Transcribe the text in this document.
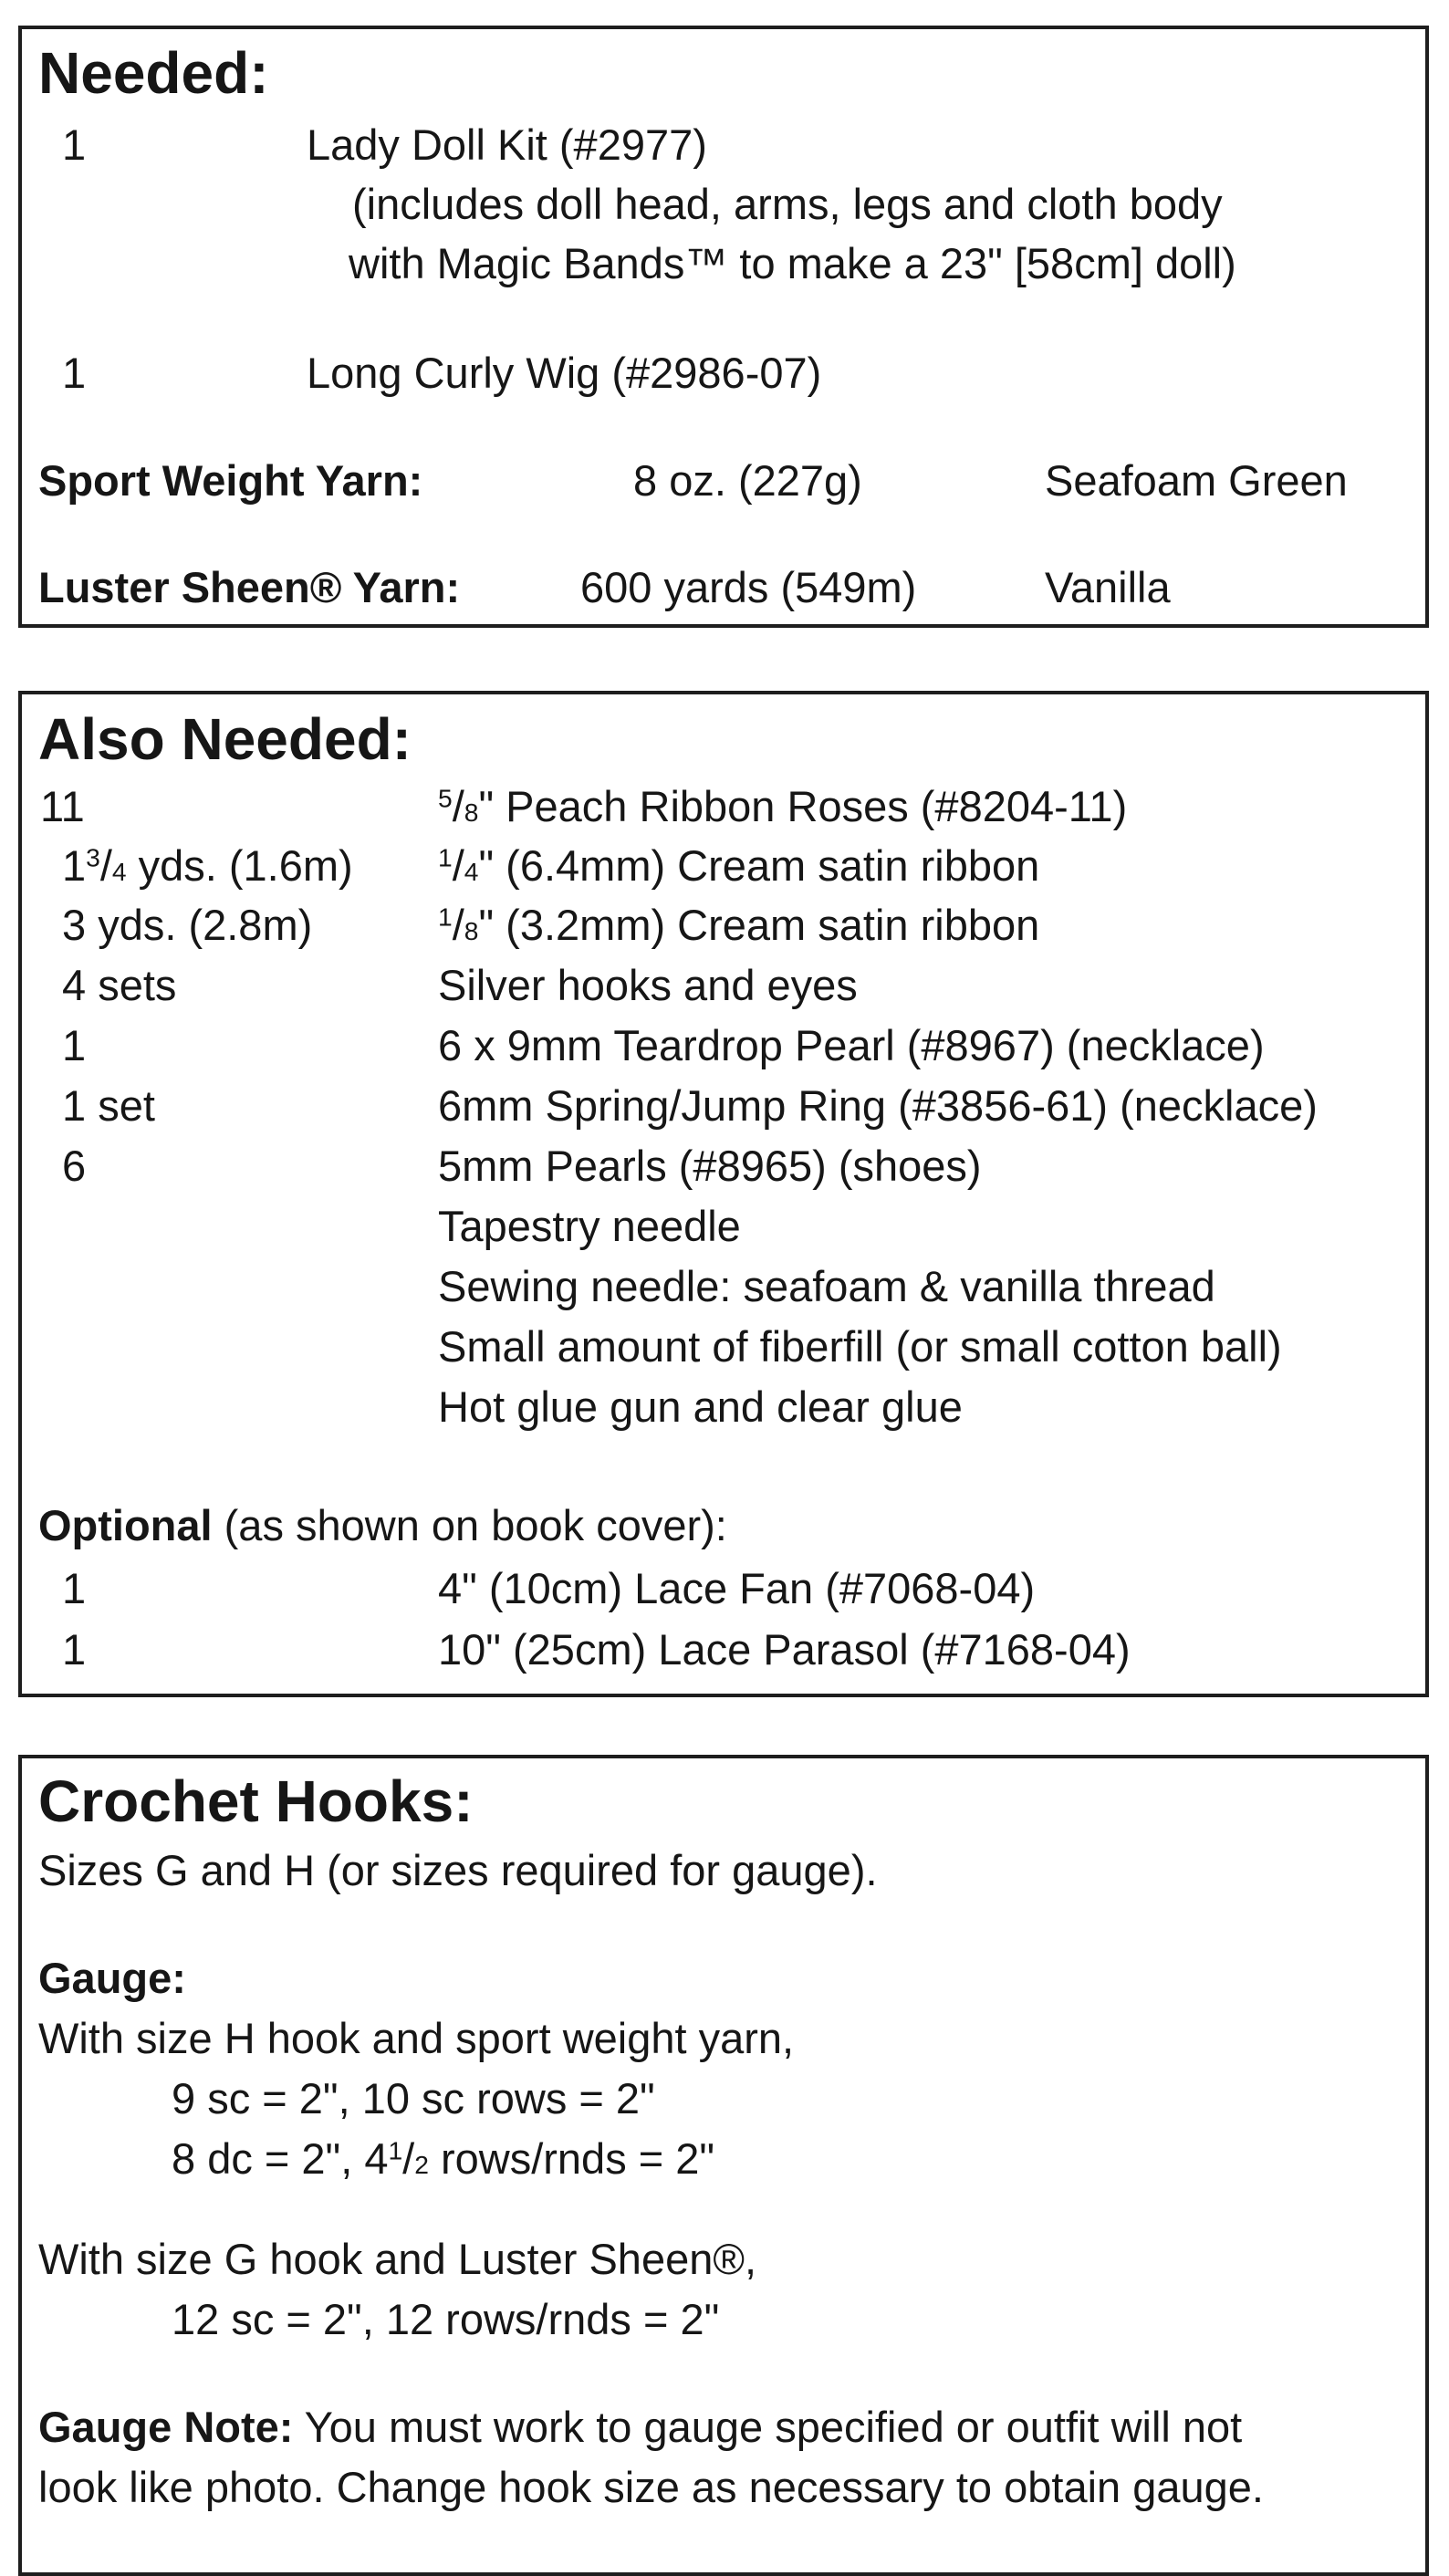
Needed:
1	Lady Doll Kit (#2977)
(includes doll head, arms, legs and cloth body
with Magic Bands™ to make a 23" [58cm] doll)
1	Long Curly Wig (#2986-07)
Sport Weight Yarn:	8 oz. (227g)	Seafoam Green
Luster Sheen® Yarn:	600 yards (549m)	Vanilla
Also Needed:
11	$^5$/8" Peach Ribbon Roses (#8204-11)
$1^3/4$ yds. (1.6m)	$^1$/4" (6.4mm) Cream satin ribbon
3 yds. (2.8m)	$^1$/8" (3.2mm) Cream satin ribbon
4 sets	Silver hooks and eyes
1	6 x 9mm Teardrop Pearl (#8967) (necklace)
1 set	6mm Spring/Jump Ring (#3856-61) (necklace)
6	5mm Pearls (#8965) (shoes)
Tapestry needle
Sewing needle: seafoam & vanilla thread
Small amount of fiberfill (or small cotton ball)
Hot glue gun and clear glue
Optional (as shown on book cover):
1	4" (10cm) Lace Fan (#7068-04)
1	10" (25cm) Lace Parasol (#7168-04)
Crochet Hooks:
Sizes G and H (or sizes required for gauge).
Gauge:
With size H hook and sport weight yarn,
9 sc = 2", 10 sc rows = 2"
8 dc = 2", $4^1/2$ rows/rnds = 2"
With size G hook and Luster Sheen®,
12 sc = 2", 12 rows/rnds = 2"
Gauge Note: You must work to gauge specified or outfit will not
look like photo. Change hook size as necessary to obtain gauge.
